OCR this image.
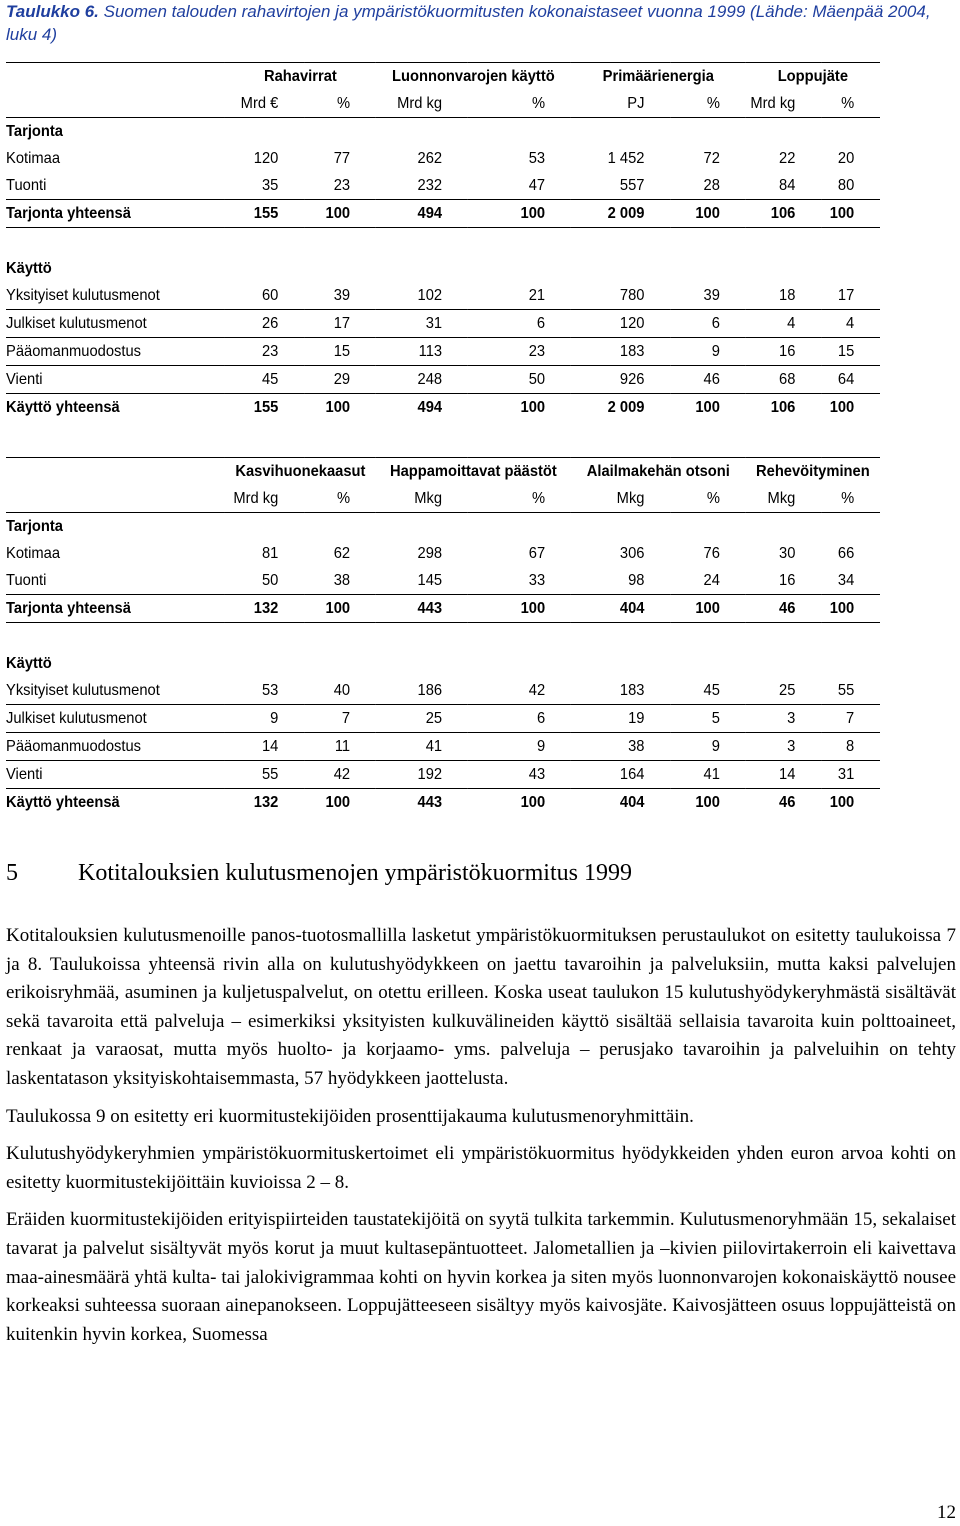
Taulukko 6. Suomen talouden rahavirtojen ja ympäristökuormitusten kokonaistaseet vuonna 1999 (Lähde: Mäenpää 2004, luku 4)
	Rahavirrat		Luonnonvarojen käyttö		Primäärienergia		Loppujäte	
	Mrd €	%	Mrd kg	%	PJ	%	Mrd kg	%
Tarjonta								
Kotimaa	120	77	262	53	1 452	72	22	20
Tuonti	35	23	232	47	557	28	84	80
Tarjonta yhteensä	155	100	494	100	2 009	100	106	100

Käyttö								
Yksityiset kulutusmenot	60	39	102	21	780	39	18	17
Julkiset kulutusmenot	26	17	31	6	120	6	4	4
Pääomanmuodostus	23	15	113	23	183	9	16	15
Vienti	45	29	248	50	926	46	68	64
Käyttö yhteensä	155	100	494	100	2 009	100	106	100
	Kasvihuonekaasut		Happamoittavat päästöt		Alailmakehän otsoni		Rehevöityminen	
	Mrd kg	%	Mkg	%	Mkg	%	Mkg	%
Tarjonta								
Kotimaa	81	62	298	67	306	76	30	66
Tuonti	50	38	145	33	98	24	16	34
Tarjonta yhteensä	132	100	443	100	404	100	46	100

Käyttö								
Yksityiset kulutusmenot	53	40	186	42	183	45	25	55
Julkiset kulutusmenot	9	7	25	6	19	5	3	7
Pääomanmuodostus	14	11	41	9	38	9	3	8
Vienti	55	42	192	43	164	41	14	31
Käyttö yhteensä	132	100	443	100	404	100	46	100
5	Kotitalouksien kulutusmenojen ympäristökuormitus 1999

Kotitalouksien kulutusmenoille panos-tuotosmallilla lasketut ympäristökuormituksen perustaulukot on esitetty taulukoissa 7 ja 8. Taulukoissa yhteensä rivin alla on kulutushyödykkeen on jaettu tavaroihin ja palveluksiin, mutta kaksi palvelujen erikoisryhmää, asuminen ja kuljetuspalvelut, on otettu erilleen. Koska useat taulukon 15 kulutushyödykeryhmästä sisältävät sekä tavaroita että palveluja – esimerkiksi yksityisten kulkuvälineiden käyttö sisältää sellaisia tavaroita kuin polttoaineet, renkaat ja varaosat, mutta myös huolto- ja korjaamo- yms. palveluja – perusjako tavaroihin ja palveluihin on tehty laskentatason yksityiskohtaisemmasta, 57 hyödykkeen jaottelusta.

Taulukossa 9 on esitetty eri kuormitustekijöiden prosenttijakauma kulutusmenoryhmittäin.

Kulutushyödykeryhmien ympäristökuormituskertoimet eli ympäristökuormitus hyödykkeiden yhden euron arvoa kohti on esitetty kuormitustekijöittäin kuvioissa 2 – 8.

Eräiden kuormitustekijöiden erityispiirteiden taustatekijöitä on syytä tulkita tarkemmin. Kulutusmenoryhmään 15, sekalaiset tavarat ja palvelut sisältyvät myös korut ja muut kultasepäntuotteet. Jalometallien ja –kivien piilovirtakerroin eli kaivettava maa-ainesmäärä yhtä kulta- tai jalokivigrammaa kohti on hyvin korkea ja siten myös luonnonvarojen kokonaiskäyttö nousee korkeaksi suhteessa suoraan ainepanokseen. Loppujätteeseen sisältyy myös kaivosjäte. Kaivosjätteen osuus loppujätteistä on kuitenkin hyvin korkea, Suomessa

12
